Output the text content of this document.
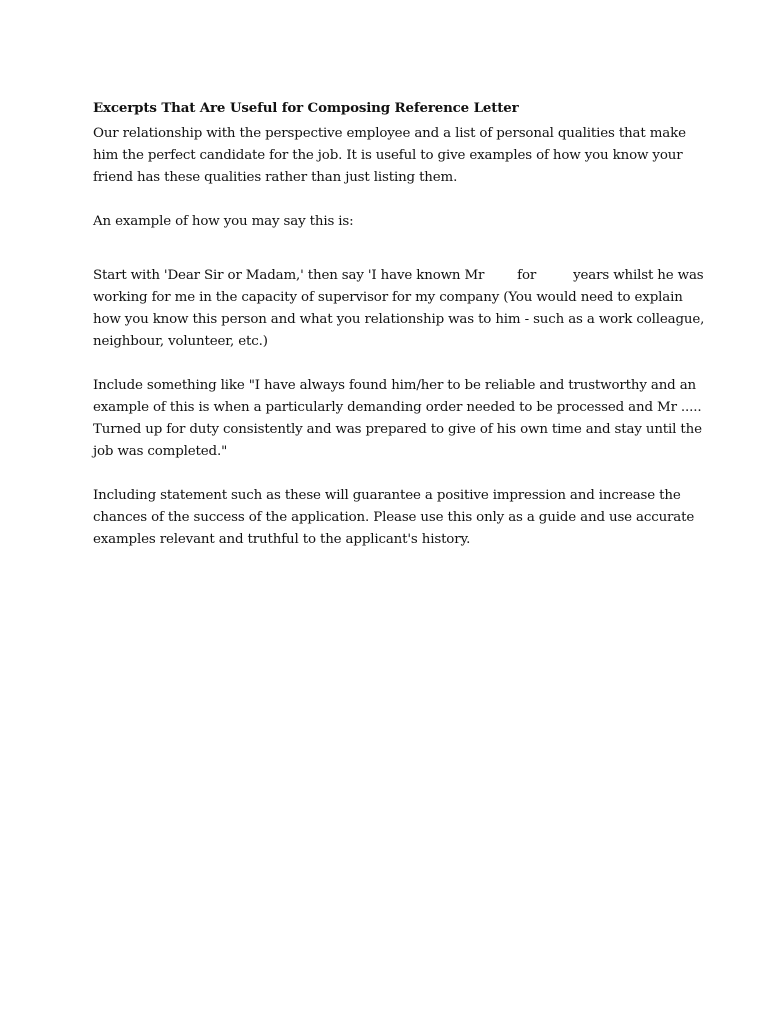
Excerpts That Are Useful for Composing Reference Letter

Our relationship with the perspective employee and a list of personal qualities that make
him the perfect candidate for the job. It is useful to give examples of how you know your
friend has these qualities rather than just listing them.

An example of how you may say this is:

Start with 'Dear Sir or Madam,' then say 'I have known Mr        for         years whilst he was
working for me in the capacity of supervisor for my company (You would need to explain
how you know this person and what you relationship was to him - such as a work colleague,
neighbour, volunteer, etc.)

Include something like "I have always found him/her to be reliable and trustworthy and an
example of this is when a particularly demanding order needed to be processed and Mr .....
Turned up for duty consistently and was prepared to give of his own time and stay until the
job was completed."

Including statement such as these will guarantee a positive impression and increase the
chances of the success of the application. Please use this only as a guide and use accurate
examples relevant and truthful to the applicant's history.
